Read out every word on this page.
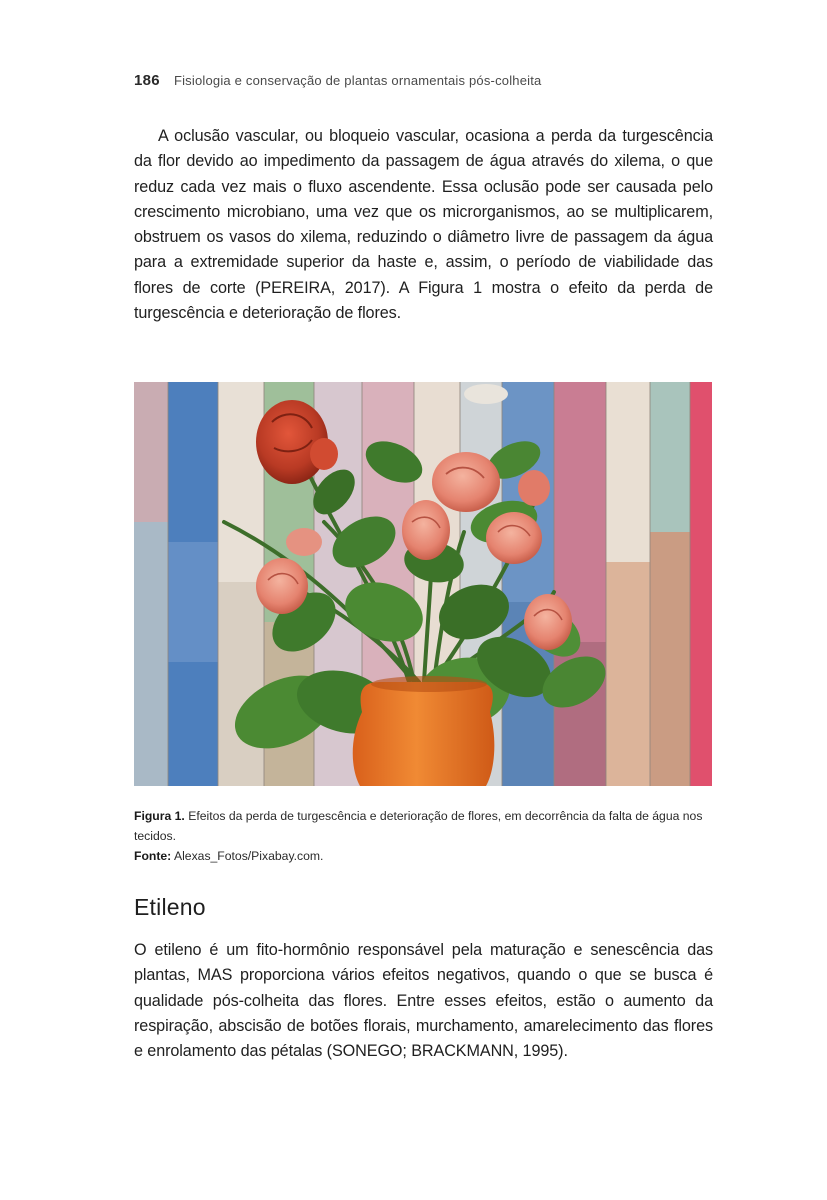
186 Fisiologia e conservação de plantas ornamentais pós-colheita

A oclusão vascular, ou bloqueio vascular, ocasiona a perda da turgescência da flor devido ao impedimento da passagem de água através do xilema, o que reduz cada vez mais o fluxo ascendente. Essa oclusão pode ser causada pelo crescimento microbiano, uma vez que os microrganismos, ao se multiplicarem, obstruem os vasos do xilema, reduzindo o diâmetro livre de passagem da água para a extremidade superior da haste e, assim, o período de viabilidade das flores de corte (PEREIRA, 2017). A Figura 1 mostra o efeito da perda de turgescência e deterioração de flores.

Figura 1. Efeitos da perda de turgescência e deterioração de flores, em decorrência da falta de água nos tecidos.

Fonte: Alexas_Fotos/Pixabay.com.

Etileno

O etileno é um fito-hormônio responsável pela maturação e senescência das plantas, MAS proporciona vários efeitos negativos, quando o que se busca é qualidade pós-colheita das flores. Entre esses efeitos, estão o aumento da respiração, abscisão de botões florais, murchamento, amarelecimento das flores e enrolamento das pétalas (SONEGO; BRACKMANN, 1995).
